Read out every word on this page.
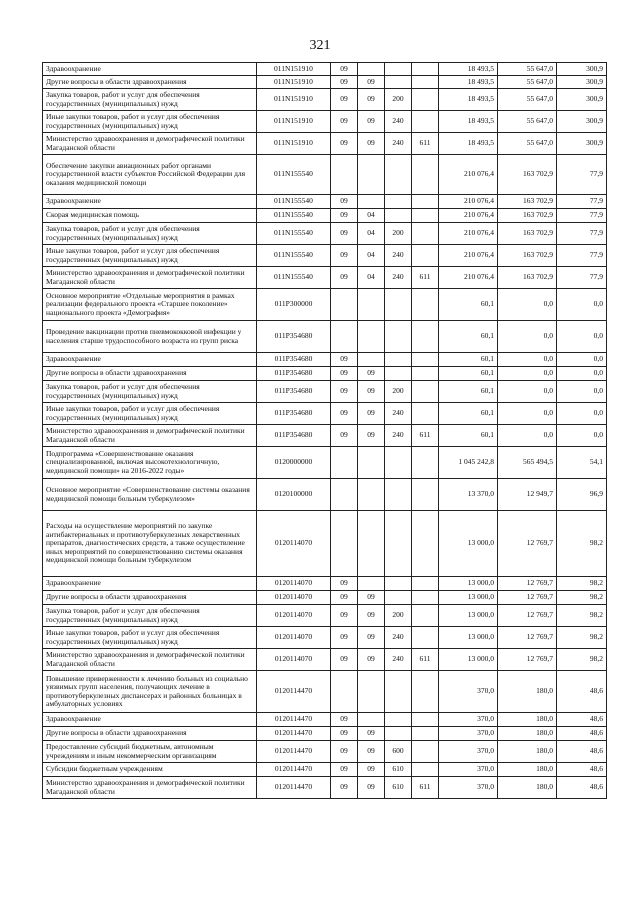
321
Здравоохранение	011N151910	09				18 493,5	55 647,0	300,9
Другие вопросы в области здравоохранения	011N151910	09	09			18 493,5	55 647,0	300,9
Закупка товаров, работ и услуг для обеспечения государственных (муниципальных) нужд	011N151910	09	09	200		18 493,5	55 647,0	300,9
Иные закупки товаров, работ и услуг для обеспечения государственных (муниципальных) нужд	011N151910	09	09	240		18 493,5	55 647,0	300,9
Министерство здравоохранения и демографической политики Магаданской области	011N151910	09	09	240	611	18 493,5	55 647,0	300,9
Обеспечение закупки авиационных работ органами государственной власти субъектов Российской Федерации для оказания медицинской помощи	011N155540					210 076,4	163 702,9	77,9
Здравоохранение	011N155540	09				210 076,4	163 702,9	77,9
Скорая медицинская помощь	011N155540	09	04			210 076,4	163 702,9	77,9
Закупка товаров, работ и услуг для обеспечения государственных (муниципальных) нужд	011N155540	09	04	200		210 076,4	163 702,9	77,9
Иные закупки товаров, работ и услуг для обеспечения государственных (муниципальных) нужд	011N155540	09	04	240		210 076,4	163 702,9	77,9
Министерство здравоохранения и демографической политики Магаданской области	011N155540	09	04	240	611	210 076,4	163 702,9	77,9
Основное мероприятие «Отдельные мероприятия в рамках реализации федерального проекта «Старшее поколение» национального проекта «Демография»	011P300000					60,1	0,0	0,0
Проведение вакцинации против пневмококковой инфекции у населения старше трудоспособного возраста из групп риска	011P354680					60,1	0,0	0,0
Здравоохранение	011P354680	09				60,1	0,0	0,0
Другие вопросы в области здравоохранения	011P354680	09	09			60,1	0,0	0,0
Закупка товаров, работ и услуг для обеспечения государственных (муниципальных) нужд	011P354680	09	09	200		60,1	0,0	0,0
Иные закупки товаров, работ и услуг для обеспечения государственных (муниципальных) нужд	011P354680	09	09	240		60,1	0,0	0,0
Министерство здравоохранения и демографической политики Магаданской области	011P354680	09	09	240	611	60,1	0,0	0,0
Подпрограмма «Совершенствование оказания специализированной, включая высокотехнологичную, медицинской помощи» на 2016-2022 годы»	0120000000					1 045 242,8	565 494,5	54,1
Основное мероприятие «Совершенствование системы оказания медицинской помощи больным туберкулезом»	0120100000					13 370,0	12 949,7	96,9
Расходы на осуществление мероприятий по закупке антибактериальных и противотуберкулезных лекарственных препаратов, диагностических средств, а также осуществление иных мероприятий по совершенствованию системы оказания медицинской помощи больным туберкулезом	0120114070					13 000,0	12 769,7	98,2
Здравоохранение	0120114070	09				13 000,0	12 769,7	98,2
Другие вопросы в области здравоохранения	0120114070	09	09			13 000,0	12 769,7	98,2
Закупка товаров, работ и услуг для обеспечения государственных (муниципальных) нужд	0120114070	09	09	200		13 000,0	12 769,7	98,2
Иные закупки товаров, работ и услуг для обеспечения государственных (муниципальных) нужд	0120114070	09	09	240		13 000,0	12 769,7	98,2
Министерство здравоохранения и демографической политики Магаданской области	0120114070	09	09	240	611	13 000,0	12 769,7	98,2
Повышение приверженности к лечению больных из социально уязвимых групп населения, получающих лечение в противотуберкулезных диспансерах и районных больницах в амбулаторных условиях	0120114470					370,0	180,0	48,6
Здравоохранение	0120114470	09				370,0	180,0	48,6
Другие вопросы в области здравоохранения	0120114470	09	09			370,0	180,0	48,6
Предоставление субсидий бюджетным, автономным учреждениям и иным некоммерческим организациям	0120114470	09	09	600		370,0	180,0	48,6
Субсидии бюджетным учреждениям	0120114470	09	09	610		370,0	180,0	48,6
Министерство здравоохранения и демографической политики Магаданской области	0120114470	09	09	610	611	370,0	180,0	48,6
